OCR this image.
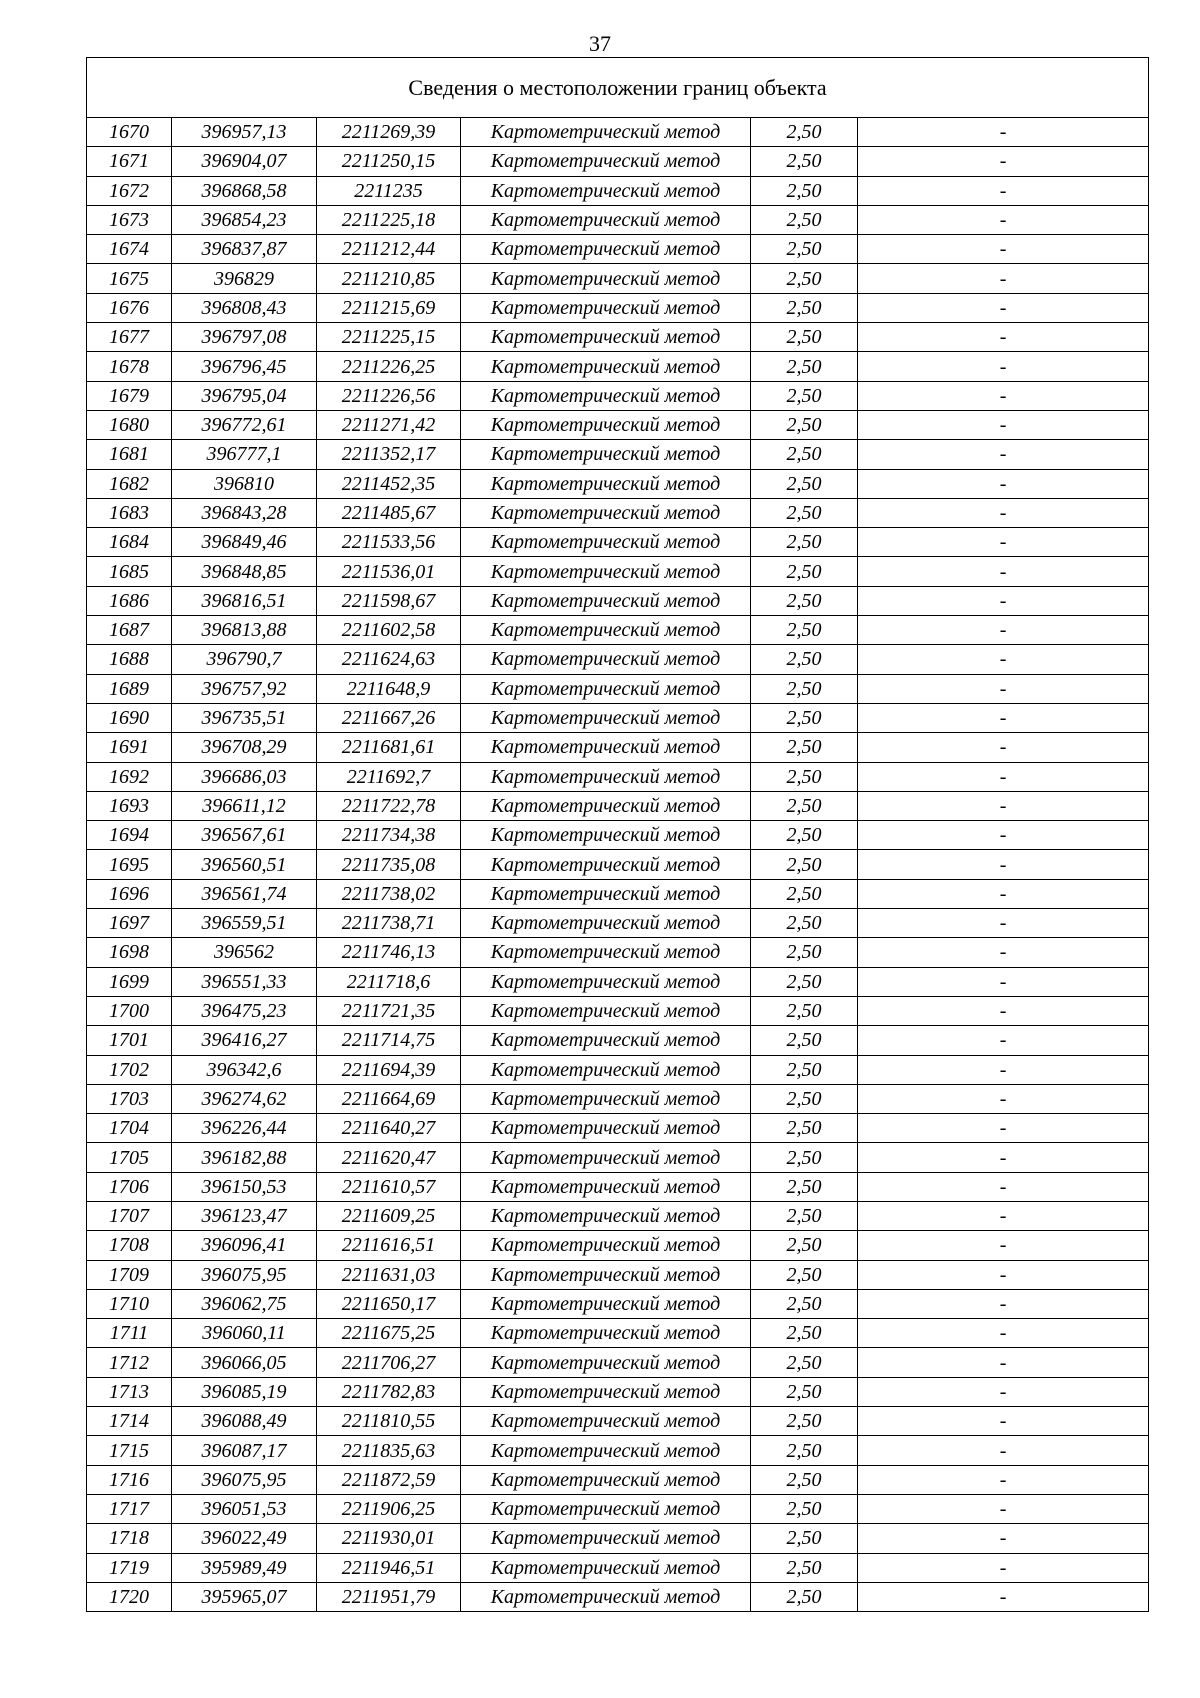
37
Сведения о местоположении границ объекта					
1670	396957,13	2211269,39	Картометрический метод	2,50	-
1671	396904,07	2211250,15	Картометрический метод	2,50	-
1672	396868,58	2211235	Картометрический метод	2,50	-
1673	396854,23	2211225,18	Картометрический метод	2,50	-
1674	396837,87	2211212,44	Картометрический метод	2,50	-
1675	396829	2211210,85	Картометрический метод	2,50	-
1676	396808,43	2211215,69	Картометрический метод	2,50	-
1677	396797,08	2211225,15	Картометрический метод	2,50	-
1678	396796,45	2211226,25	Картометрический метод	2,50	-
1679	396795,04	2211226,56	Картометрический метод	2,50	-
1680	396772,61	2211271,42	Картометрический метод	2,50	-
1681	396777,1	2211352,17	Картометрический метод	2,50	-
1682	396810	2211452,35	Картометрический метод	2,50	-
1683	396843,28	2211485,67	Картометрический метод	2,50	-
1684	396849,46	2211533,56	Картометрический метод	2,50	-
1685	396848,85	2211536,01	Картометрический метод	2,50	-
1686	396816,51	2211598,67	Картометрический метод	2,50	-
1687	396813,88	2211602,58	Картометрический метод	2,50	-
1688	396790,7	2211624,63	Картометрический метод	2,50	-
1689	396757,92	2211648,9	Картометрический метод	2,50	-
1690	396735,51	2211667,26	Картометрический метод	2,50	-
1691	396708,29	2211681,61	Картометрический метод	2,50	-
1692	396686,03	2211692,7	Картометрический метод	2,50	-
1693	396611,12	2211722,78	Картометрический метод	2,50	-
1694	396567,61	2211734,38	Картометрический метод	2,50	-
1695	396560,51	2211735,08	Картометрический метод	2,50	-
1696	396561,74	2211738,02	Картометрический метод	2,50	-
1697	396559,51	2211738,71	Картометрический метод	2,50	-
1698	396562	2211746,13	Картометрический метод	2,50	-
1699	396551,33	2211718,6	Картометрический метод	2,50	-
1700	396475,23	2211721,35	Картометрический метод	2,50	-
1701	396416,27	2211714,75	Картометрический метод	2,50	-
1702	396342,6	2211694,39	Картометрический метод	2,50	-
1703	396274,62	2211664,69	Картометрический метод	2,50	-
1704	396226,44	2211640,27	Картометрический метод	2,50	-
1705	396182,88	2211620,47	Картометрический метод	2,50	-
1706	396150,53	2211610,57	Картометрический метод	2,50	-
1707	396123,47	2211609,25	Картометрический метод	2,50	-
1708	396096,41	2211616,51	Картометрический метод	2,50	-
1709	396075,95	2211631,03	Картометрический метод	2,50	-
1710	396062,75	2211650,17	Картометрический метод	2,50	-
1711	396060,11	2211675,25	Картометрический метод	2,50	-
1712	396066,05	2211706,27	Картометрический метод	2,50	-
1713	396085,19	2211782,83	Картометрический метод	2,50	-
1714	396088,49	2211810,55	Картометрический метод	2,50	-
1715	396087,17	2211835,63	Картометрический метод	2,50	-
1716	396075,95	2211872,59	Картометрический метод	2,50	-
1717	396051,53	2211906,25	Картометрический метод	2,50	-
1718	396022,49	2211930,01	Картометрический метод	2,50	-
1719	395989,49	2211946,51	Картометрический метод	2,50	-
1720	395965,07	2211951,79	Картометрический метод	2,50	-
